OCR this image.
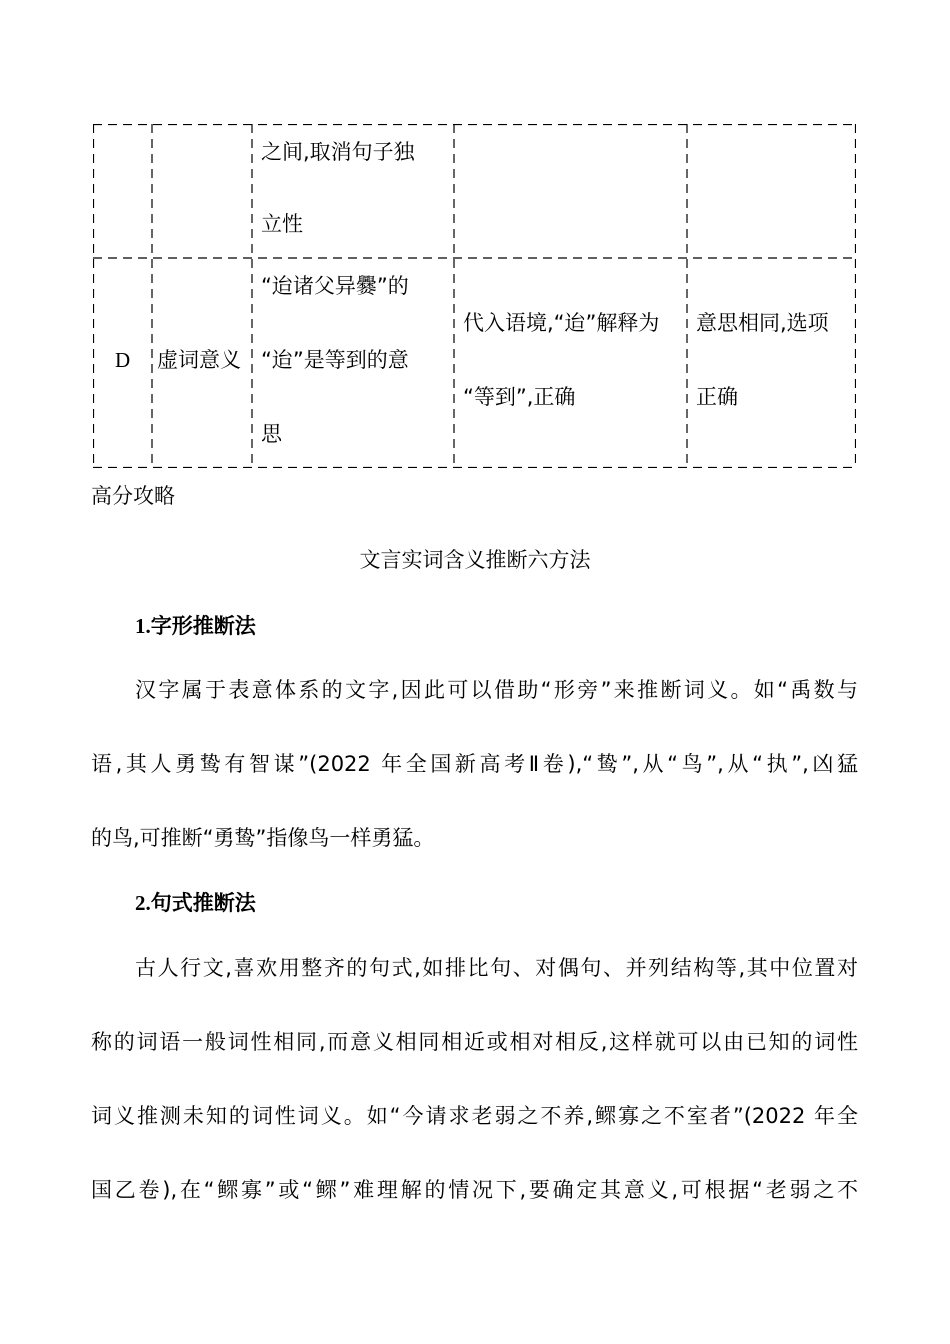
之间,取消句子独
立性
D 虚词意义
“迨诸父异爨”的
“迨”是等到的意
思
代入语境,“迨”解释为
“等到”,正确
意思相同,选项
正确
高分攻略
文言实词含义推断六方法
1.字形推断法
汉字属于表意体系的文字,因此可以借助“形旁”来推断词义。如“禹数与
语,其人勇鸷有智谋”(2022 年全国新高考Ⅱ卷),“鸷”,从“鸟”,从“执”,凶猛
的鸟,可推断“勇鸷”指像鸟一样勇猛。
2.句式推断法
古人行文,喜欢用整齐的句式,如排比句、对偶句、并列结构等,其中位置对
称的词语一般词性相同,而意义相同相近或相对相反,这样就可以由已知的词性
词义推测未知的词性词义。如“今请求老弱之不养,鳏寡之不室者”(2022 年全
国乙卷),在“鳏寡”或“鳏”难理解的情况下,要确定其意义,可根据“老弱之不
